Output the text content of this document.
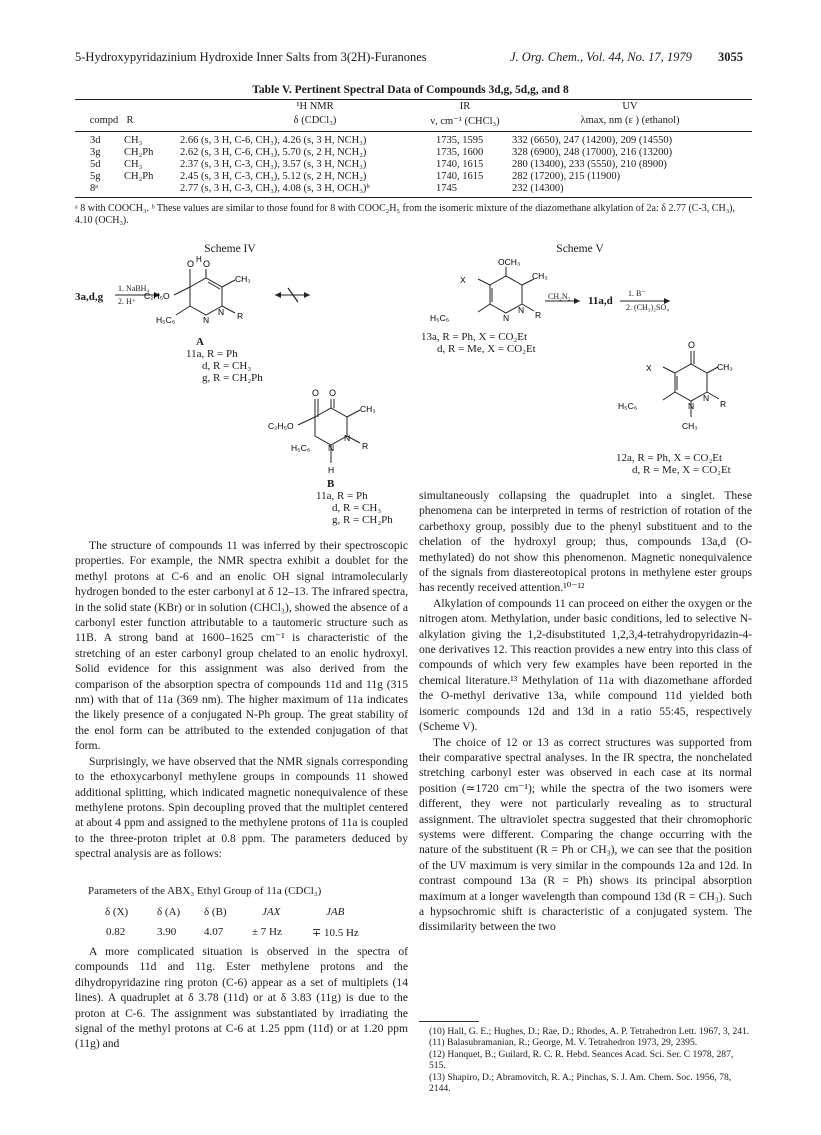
5-Hydroxypyridazinium Hydroxide Inner Salts from 3(2H)-Furanones	J. Org. Chem., Vol. 44, No. 17, 1979 3055
Table V. Pertinent Spectral Data of Compounds 3d,g, 5d,g, and 8
¹H NMR	IR	UV
compd R	δ (CDCl₃)	ν, cm⁻¹ (CHCl₃)	λmax, nm (ε ) (ethanol)
3d CH₃	2.66 (s, 3 H, C-6, CH₃), 4.26 (s, 3 H, NCH₃)	1735, 1595	332 (6650), 247 (14200), 209 (14550)
3g CH₂Ph	2.62 (s, 3 H, C-6, CH₃), 5.70 (s, 2 H, NCH₂)	1735, 1600	328 (6900), 248 (17000), 216 (13200)
5d CH₃	2.37 (s, 3 H, C-3, CH₃), 3.57 (s, 3 H, NCH₃)	1740, 1615	280 (13400), 233 (5550), 210 (8900)
5g CH₂Ph	2.45 (s, 3 H, C-3, CH₃), 5.12 (s, 2 H, NCH₂)	1740, 1615	282 (17200), 215 (11900)
8ᵃ	2.77 (s, 3 H, C-3, CH₃), 4.08 (s, 3 H, OCH₃)ᵇ	1745	232 (14300)
ᵃ 8 with COOCH₃. ᵇ These values are similar to those found for 8 with COOC₂H₅ from the isomeric mixture of the diazomethane alkylation of 2a: δ 2.77 (C-3, CH₃), 4.10 (OCH₃).
Scheme IV
3a,d,g
1. NaBH₄
2. H⁺
O H O
C₂H₅O
CH₃
H₅C₆	N
N R
O O
C₂H₅O
CH₃
H₅C₆ N
N
R
H
A
11a, R = Ph
d, R = CH₃
g, R = CH₂Ph
B
11a, R = Ph
d, R = CH₃
g, R = CH₂Ph
Scheme V
OCH₃
X	CH₃
H₅C₆	N
N R
O
X	CH₃
H₅C₆	N
N
R
CH₃
CH₂N₂ 11a,d
1. B⁻
2. (CH₃)₂SO₄
13a, R = Ph, X = CO₂Et
d, R = Me, X = CO₂Et
12a, R = Ph, X = CO₂Et
d, R = Me, X = CO₂Et

The structure of compounds 11 was inferred by their spectroscopic properties. For example, the NMR spectra exhibit a doublet for the methyl protons at C-6 and an enolic OH signal intramolecularly hydrogen bonded to the ester carbonyl at δ 12–13. The infrared spectra, in the solid state (KBr) or in solution (CHCl₃), showed the absence of a carbonyl ester function attributable to a tautomeric structure such as 11B. A strong band at 1600–1625 cm⁻¹ is characteristic of the stretching of an ester carbonyl group chelated to an enolic hydroxyl. Solid evidence for this assignment was also derived from the comparison of the absorption spectra of compounds 11d and 11g (315 nm) with that of 11a (369 nm). The higher maximum of 11a indicates the likely presence of a conjugated N-Ph group. The great stability of the enol form can be attributed to the extended conjugation of that form.

Surprisingly, we have observed that the NMR signals corresponding to the ethoxycarbonyl methylene groups in compounds 11 showed additional splitting, which indicated magnetic nonequivalence of these methylene protons. Spin decoupling proved that the multiplet centered at about 4 ppm and assigned to the methylene protons of 11a is coupled to the three-proton triplet at 0.8 ppm. The parameters deduced by spectral analysis are as follows:

Parameters of the ABX₃ Ethyl Group of 11a (CDCl₃)
δ (X)	δ (A)	δ (B)	JAX	JAB
0.82	3.90	4.07	± 7 Hz	∓ 10.5 Hz

A more complicated situation is observed in the spectra of compounds 11d and 11g. Ester methylene protons and the dihydropyridazine ring proton (C-6) appear as a set of multiplets (14 lines). A quadruplet at δ 3.78 (11d) or at δ 3.83 (11g) is due to the proton at C-6. The assignment was substantiated by irradiating the signal of the methyl protons at C-6 at 1.25 ppm (11d) or at 1.20 ppm (11g) and

simultaneously collapsing the quadruplet into a singlet. These phenomena can be interpreted in terms of restriction of rotation of the carbethoxy group, possibly due to the phenyl substituent and to the chelation of the hydroxyl group; thus, compounds 13a,d (O-methylated) do not show this phenomenon. Magnetic nonequivalence of the signals from diastereotopical protons in methylene ester groups has recently received attention.¹⁰⁻¹²

Alkylation of compounds 11 can proceed on either the oxygen or the nitrogen atom. Methylation, under basic conditions, led to selective N-alkylation giving the 1,2-disubstituted 1,2,3,4-tetrahydropyridazin-4-one derivatives 12. This reaction provides a new entry into this class of compounds of which very few examples have been reported in the chemical literature.¹³ Methylation of 11a with diazomethane afforded the O-methyl derivative 13a, while compound 11d yielded both isomeric compounds 12d and 13d in a ratio 55:45, respectively (Scheme V).

The choice of 12 or 13 as correct structures was supported from their comparative spectral analyses. In the IR spectra, the nonchelated stretching carbonyl ester was observed in each case at its normal position (≃1720 cm⁻¹); while the spectra of the two isomers were different, they were not particularly revealing as to structural assignment. The ultraviolet spectra suggested that their chromophoric systems were different. Comparing the change occurring with the nature of the substituent (R = Ph or CH₃), we can see that the position of the UV maximum is very similar in the compounds 12a and 12d. In contrast compound 13a (R = Ph) shows its principal absorption maximum at a longer wavelength than compound 13d (R = CH₃). Such a hypsochromic shift is characteristic of a conjugated system. The dissimilarity between the two

(10) Hall, G. E.; Hughes, D.; Rae, D.; Rhodes, A. P. Tetrahedron Lett. 1967, 3, 241.
(11) Balasubramanian, R.; George, M. V. Tetrahedron 1973, 29, 2395.
(12) Hanquet, B.; Guilard, R. C. R. Hebd. Seances Acad. Sci. Ser. C 1978, 287, 515.
(13) Shapiro, D.; Abramovitch, R. A.; Pinchas, S. J. Am. Chem. Soc. 1956, 78, 2144.
